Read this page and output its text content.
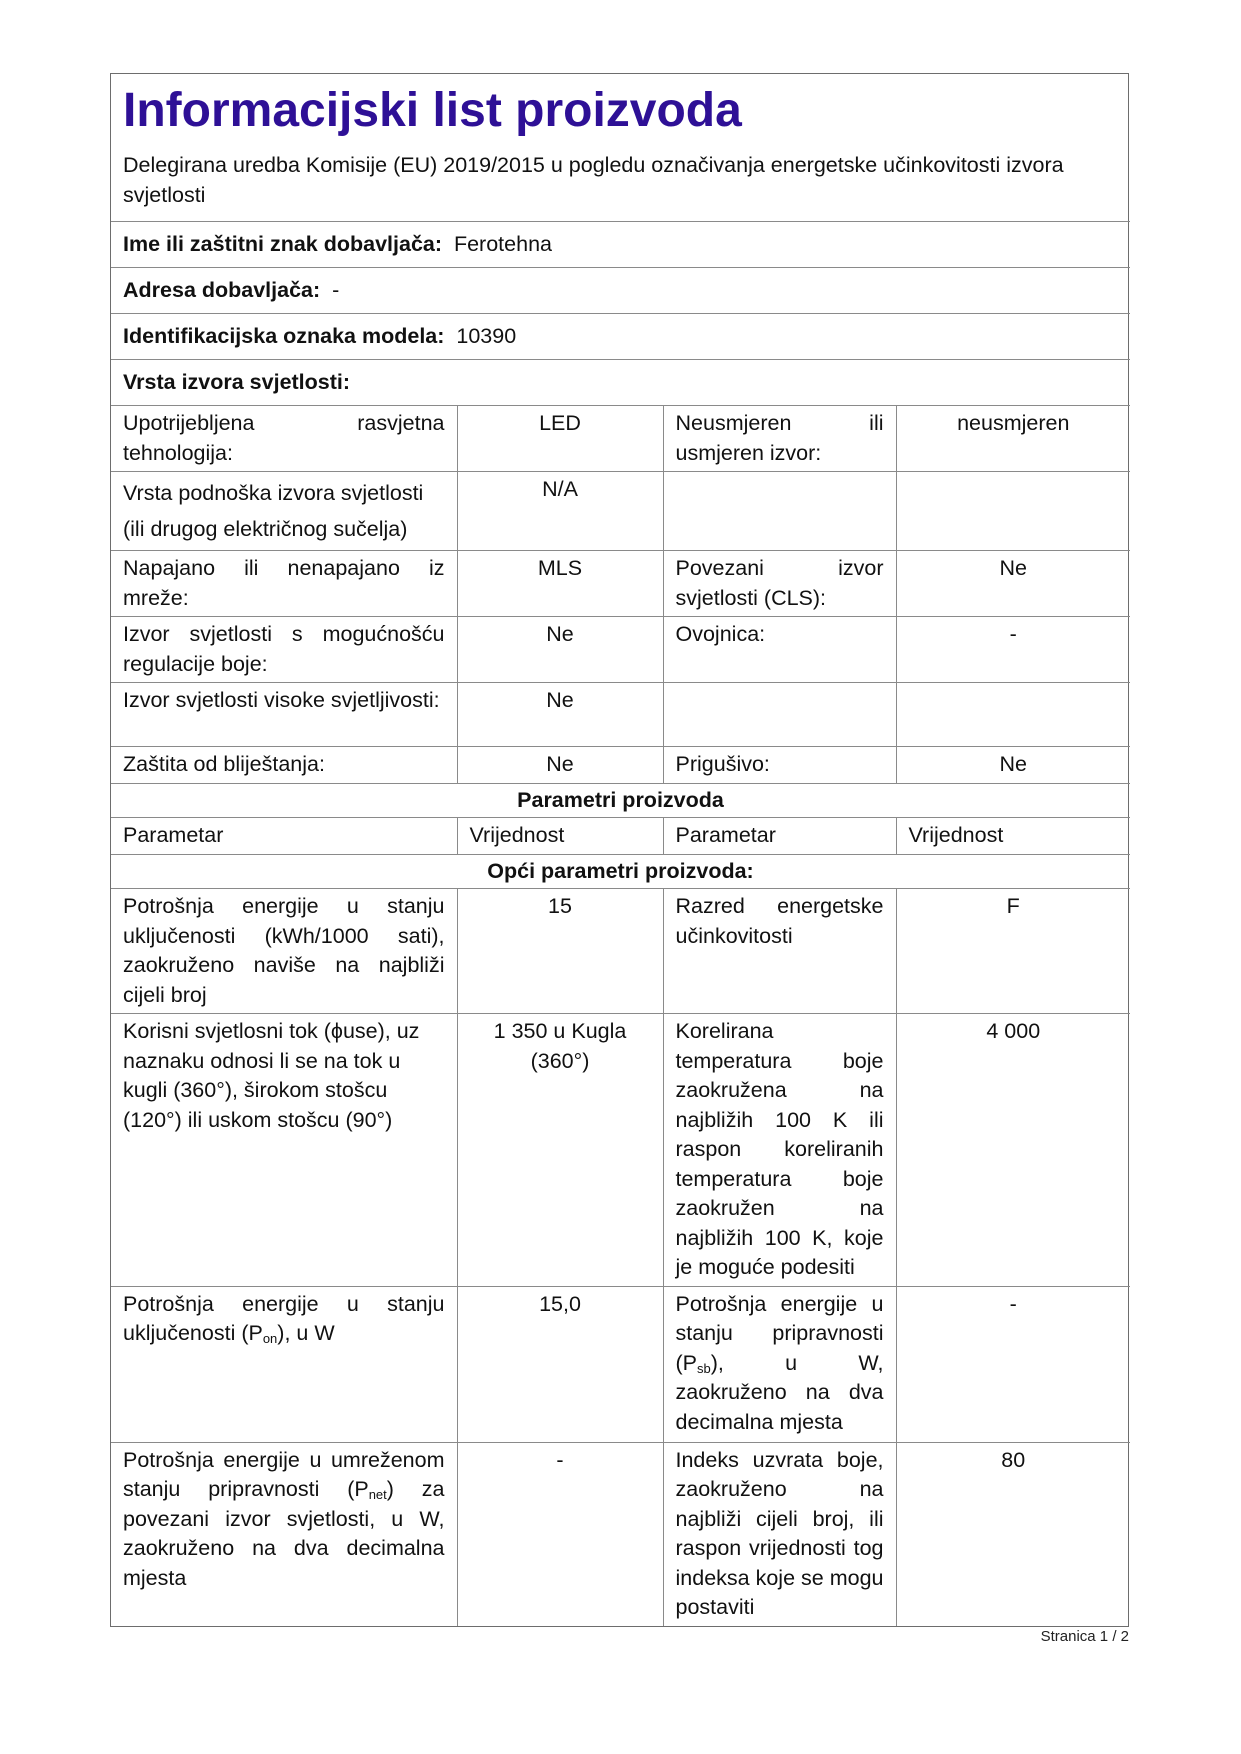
Informacijski list proizvoda
Delegirana uredba Komisije (EU) 2019/2015 u pogledu označivanja energetske učinkovitosti izvora svjetlosti			

Ime ili zaštitni znak dobavljača: Ferotehna			
Adresa dobavljača: -			
Identifikacijska oznaka modela: 10390			
Vrsta izvora svjetlosti:			
Upotrijebljena rasvjetna tehnologija:	LED	Neusmjeren ili usmjeren izvor:	neusmjeren
Vrsta podnoška izvora svjetlosti (ili drugog električnog sučelja)	N/A		
Napajano ili nenapajano iz mreže:	MLS	Povezani izvor svjetlosti (CLS):	Ne
Izvor svjetlosti s mogućnošću regulacije boje:	Ne	Ovojnica:	-
Izvor svjetlosti visoke svjetljivosti:	Ne		
Zaštita od bliještanja:	Ne	Prigušivo:	Ne
Parametri proizvoda			
Parametar	Vrijednost	Parametar	Vrijednost
Opći parametri proizvoda:			
Potrošnja energije u stanju uključenosti (kWh/1000 sati), zaokruženo naviše na najbliži cijeli broj	15	Razred energetske učinkovitosti	F
Korisni svjetlosni tok (ϕuse), uz naznaku odnosi li se na tok u kugli (360°), širokom stošcu (120°) ili uskom stošcu (90°)	1 350 u Kugla (360°)	Korelirana temperatura boje zaokružena na najbližih 100 K ili raspon koreliranih temperatura boje zaokružen na najbližih 100 K, koje je moguće podesiti	4 000
Potrošnja energije u stanju uključenosti $(P_{on})$, u W	15,0	Potrošnja energije u stanju pripravnosti $(P_{sb})$, u W, zaokruženo na dva decimalna mjesta	-
Potrošnja energije u umreženom stanju pripravnosti $(P_{net})$ za povezani izvor svjetlosti, u W, zaokruženo na dva decimalna mjesta	-	Indeks uzvrata boje, zaokruženo na najbliži cijeli broj, ili raspon vrijednosti tog indeksa koje se mogu postaviti	80
Stranica 1 / 2
